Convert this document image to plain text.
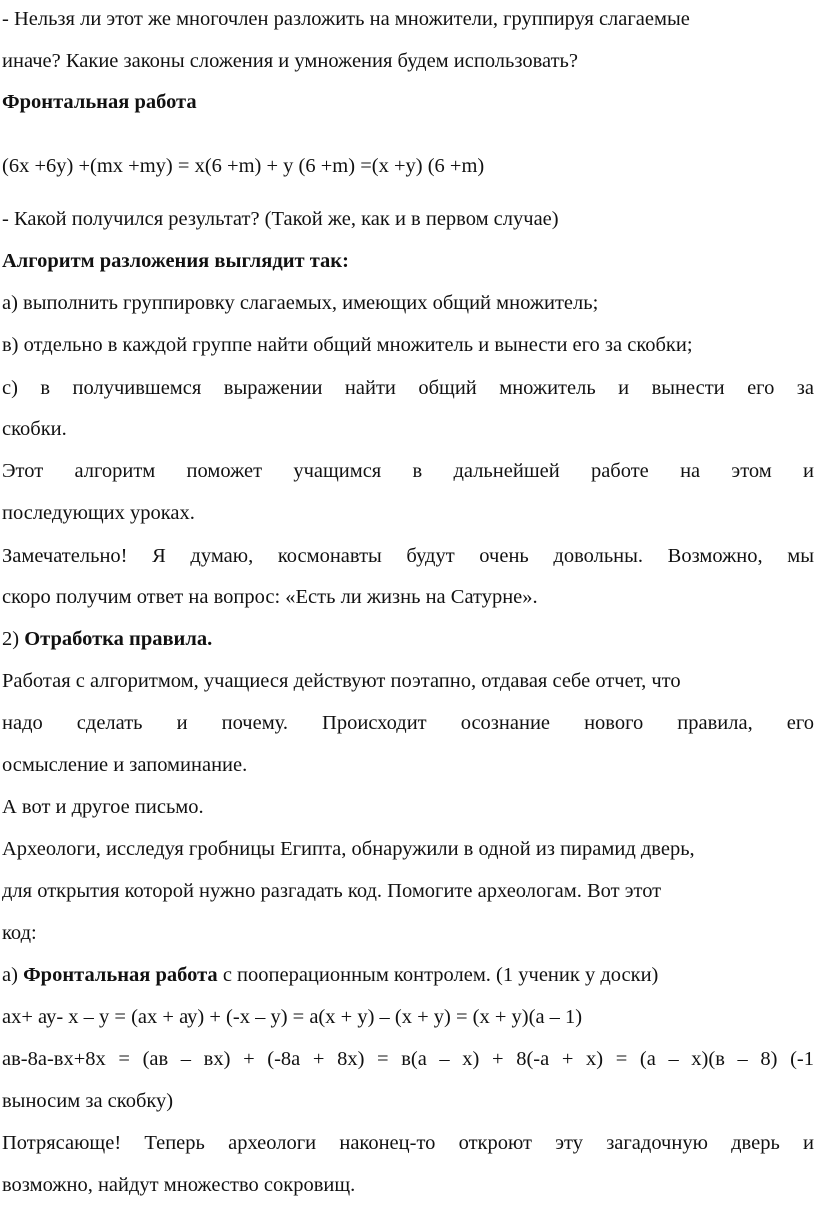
- Нельзя ли этот же многочлен разложить на множители, группируя слагаемые
иначе? Какие законы сложения и умножения будем использовать?
Фронтальная работа
(6х +6у) +(mх +mу) = х(6 +m) + у (6 +m) =(х +у) (6 +m)
- Какой получился результат? (Такой же, как и в первом случае)
Алгоритм разложения выглядит так:
а) выполнить группировку слагаемых, имеющих общий множитель;
в) отдельно в каждой группе найти общий множитель и вынести его за скобки;
с) в получившемся выражении найти общий множитель и вынести его за
скобки.
Этот алгоритм поможет учащимся в дальнейшей работе на этом и
последующих уроках.
Замечательно! Я думаю, космонавты будут очень довольны. Возможно, мы
скоро получим ответ на вопрос: «Есть ли жизнь на Сатурне».
2) Отработка правила.
Работая с алгоритмом, учащиеся действуют поэтапно, отдавая себе отчет, что
надо сделать и почему. Происходит осознание нового правила, его
осмысление и запоминание.
А вот и другое письмо.
Археологи, исследуя гробницы Египта, обнаружили в одной из пирамид дверь,
для открытия которой нужно разгадать код. Помогите археологам. Вот этот
код:
а) Фронтальная работа с пооперационным контролем. (1 ученик у доски)
ах+ ау- х – у = (ах + ау) + (-х – у) = а(х + у) – (х + у) = (х + у)(а – 1)
ав-8а-вх+8х = (ав – вх) + (-8а + 8х) = в(а – х) + 8(-а + х) = (а – х)(в – 8) (-1
выносим за скобку)
Потрясающе! Теперь археологи наконец-то откроют эту загадочную дверь и
возможно, найдут множество сокровищ.
